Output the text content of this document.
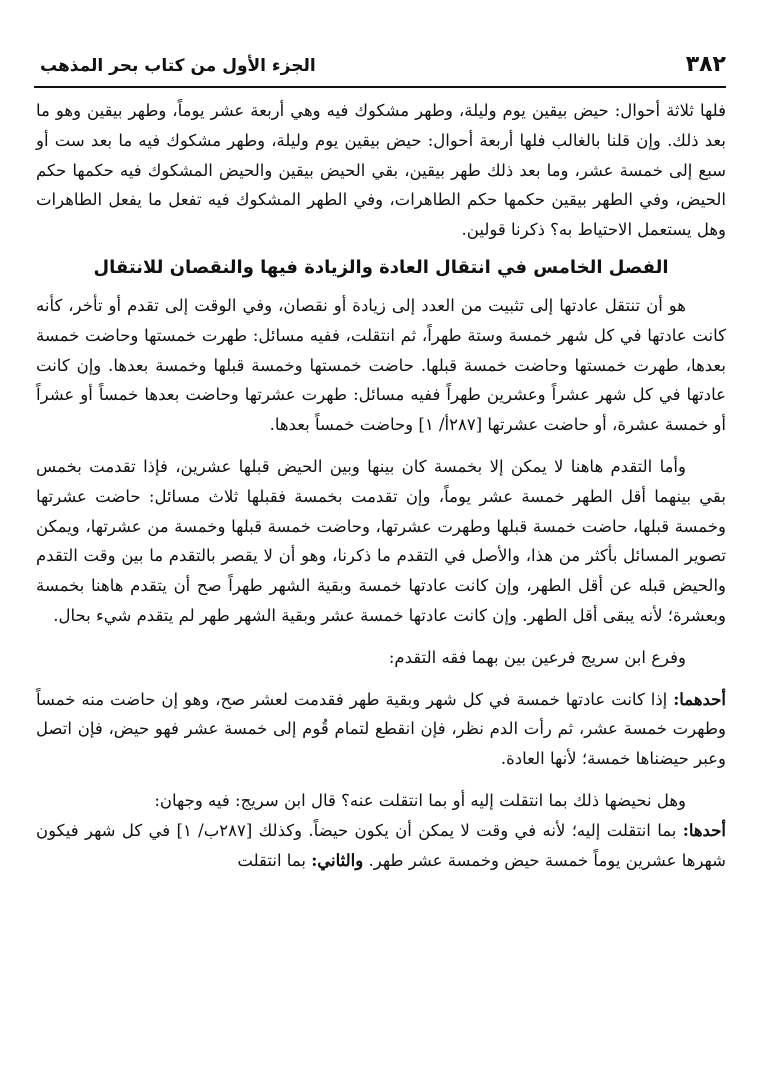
٣٨٢
الجزء الأول من كتاب بحر المذهب

فلها ثلاثة أحوال: حيض بيقين يوم وليلة، وطهر مشكوك فيه وهي أربعة عشر يوماً، وطهر بيقين وهو ما بعد ذلك. وإن قلنا بالغالب فلها أربعة أحوال: حيض بيقين يوم وليلة، وطهر مشكوك فيه ما بعد ست أو سبع إلى خمسة عشر، وما بعد ذلك طهر بيقين، بقي الحيض بيقين والحيض المشكوك فيه حكمها حكم الحيض، وفي الطهر بيقين حكمها حكم الطاهرات، وفي الطهر المشكوك فيه تفعل ما يفعل الطاهرات وهل يستعمل الاحتياط به؟ ذكرنا قولين.

الفصل الخامس في انتقال العادة والزيادة فيها والنقصان للانتقال

هو أن تنتقل عادتها إلى تثبيت من العدد إلى زيادة أو نقصان، وفي الوقت إلى تقدم أو تأخر، كأنه كانت عادتها في كل شهر خمسة وستة طهراً، ثم انتقلت، ففيه مسائل: طهرت خمستها وحاضت خمسة بعدها، طهرت خمستها وحاضت خمسة قبلها. حاضت خمستها وخمسة قبلها وخمسة بعدها. وإن كانت عادتها في كل شهر عشراً وعشرين طهراً ففيه مسائل: طهرت عشرتها وحاضت بعدها خمساً أو عشراً أو خمسة عشرة، أو حاضت عشرتها [٢٨٧أ/ ١] وحاضت خمساً بعدها.

وأما التقدم هاهنا لا يمكن إلا بخمسة كان بينها وبين الحيض قبلها عشرين، فإذا تقدمت بخمس بقي بينهما أقل الطهر خمسة عشر يوماً، وإن تقدمت بخمسة فقبلها ثلاث مسائل: حاضت عشرتها وخمسة قبلها، حاضت خمسة قبلها وطهرت عشرتها، وحاضت خمسة قبلها وخمسة من عشرتها، ويمكن تصوير المسائل بأكثر من هذا، والأصل في التقدم ما ذكرنا، وهو أن لا يقصر بالتقدم ما بين وقت التقدم والحيض قبله عن أقل الطهر، وإن كانت عادتها خمسة وبقية الشهر طهراً صح أن يتقدم هاهنا بخمسة وبعشرة؛ لأنه يبقى أقل الطهر. وإن كانت عادتها خمسة عشر وبقية الشهر طهر لم يتقدم شيء بحال.

وفرع ابن سريج فرعين بين بهما فقه التقدم:

أحدهما: إذا كانت عادتها خمسة في كل شهر وبقية طهر فقدمت لعشر صح، وهو إن حاضت منه خمساً وطهرت خمسة عشر، ثم رأت الدم نظر، فإن انقطع لتمام قُوم إلى خمسة عشر فهو حيض، فإن اتصل وعبر حيضناها خمسة؛ لأنها العادة.

وهل نحيضها ذلك بما انتقلت إليه أو بما انتقلت عنه؟ قال ابن سريج: فيه وجهان:

أحدها: بما انتقلت إليه؛ لأنه في وقت لا يمكن أن يكون حيضاً. وكذلك [٢٨٧ب/ ١] في كل شهر فيكون شهرها عشرين يوماً خمسة حيض وخمسة عشر طهر. والثاني: بما انتقلت
